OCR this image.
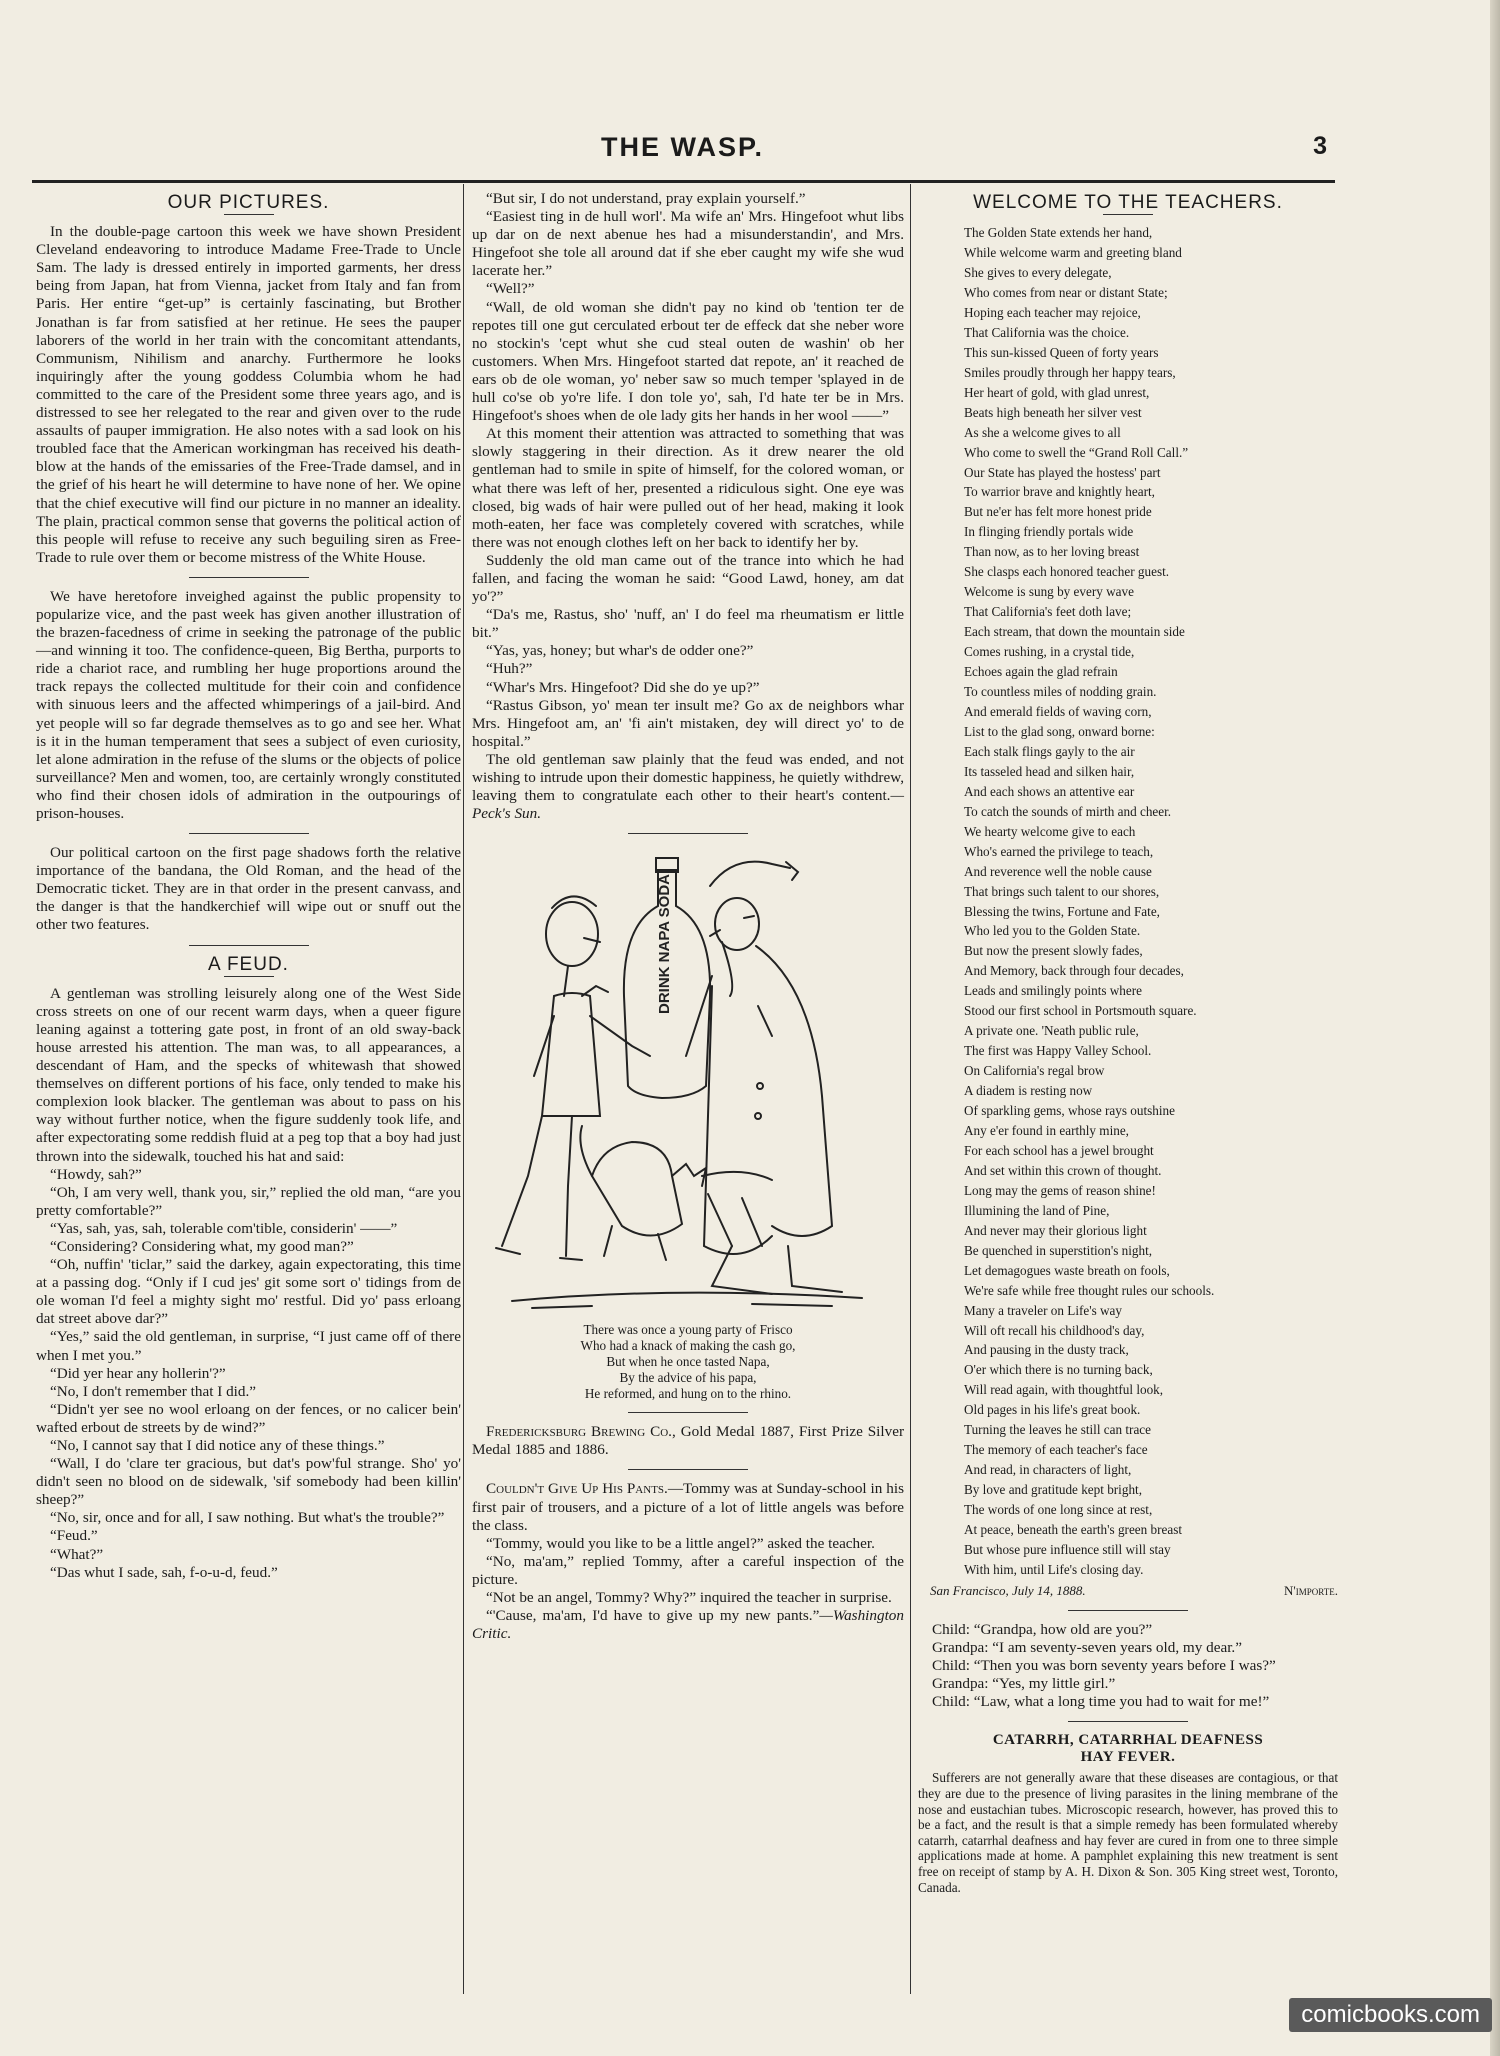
THE WASP.	3
OUR PICTURES.

In the double-page cartoon this week we have shown President Cleveland endeavoring to introduce Madame Free-Trade to Uncle Sam. The lady is dressed entirely in imported garments, her dress being from Japan, hat from Vienna, jacket from Italy and fan from Paris. Her entire “get-up” is certainly fascinating, but Brother Jonathan is far from satisfied at her retinue. He sees the pauper laborers of the world in her train with the concomitant attendants, Communism, Nihilism and anarchy. Furthermore he looks inquiringly after the young goddess Columbia whom he had committed to the care of the President some three years ago, and is distressed to see her relegated to the rear and given over to the rude assaults of pauper immigration. He also notes with a sad look on his troubled face that the American workingman has received his death-blow at the hands of the emissaries of the Free-Trade damsel, and in the grief of his heart he will determine to have none of her. We opine that the chief executive will find our picture in no manner an ideality. The plain, practical common sense that governs the political action of this people will refuse to receive any such beguiling siren as Free-Trade to rule over them or become mistress of the White House.

We have heretofore inveighed against the public propensity to popularize vice, and the past week has given another illustration of the brazen-facedness of crime in seeking the patronage of the public—and winning it too. The confidence-queen, Big Bertha, purports to ride a chariot race, and rumbling her huge proportions around the track repays the collected multitude for their coin and confidence with sinuous leers and the affected whimperings of a jail-bird. And yet people will so far degrade themselves as to go and see her. What is it in the human temperament that sees a subject of even curiosity, let alone admiration in the refuse of the slums or the objects of police surveillance? Men and women, too, are certainly wrongly constituted who find their chosen idols of admiration in the outpourings of prison-houses.

Our political cartoon on the first page shadows forth the relative importance of the bandana, the Old Roman, and the head of the Democratic ticket. They are in that order in the present canvass, and the danger is that the handkerchief will wipe out or snuff out the other two features.

A FEUD.

A gentleman was strolling leisurely along one of the West Side cross streets on one of our recent warm days, when a queer figure leaning against a tottering gate post, in front of an old sway-back house arrested his attention. The man was, to all appearances, a descendant of Ham, and the specks of whitewash that showed themselves on different portions of his face, only tended to make his complexion look blacker. The gentleman was about to pass on his way without further notice, when the figure suddenly took life, and after expectorating some reddish fluid at a peg top that a boy had just thrown into the sidewalk, touched his hat and said:

“Howdy, sah?”

“Oh, I am very well, thank you, sir,” replied the old man, “are you pretty comfortable?”

“Yas, sah, yas, sah, tolerable com'tible, considerin' ——”

“Considering? Considering what, my good man?”

“Oh, nuffin' 'ticlar,” said the darkey, again expectorating, this time at a passing dog. “Only if I cud jes' git some sort o' tidings from de ole woman I'd feel a mighty sight mo' restful. Did yo' pass erloang dat street above dar?”

“Yes,” said the old gentleman, in surprise, “I just came off of there when I met you.”

“Did yer hear any hollerin'?”

“No, I don't remember that I did.”

“Didn't yer see no wool erloang on der fences, or no calicer bein' wafted erbout de streets by de wind?”

“No, I cannot say that I did notice any of these things.”

“Wall, I do 'clare ter gracious, but dat's pow'ful strange. Sho' yo' didn't seen no blood on de sidewalk, 'sif somebody had been killin' sheep?”

“No, sir, once and for all, I saw nothing. But what's the trouble?”

“Feud.”

“What?”

“Das whut I sade, sah, f-o-u-d, feud.”

“But sir, I do not understand, pray explain yourself.”

“Easiest ting in de hull worl'. Ma wife an' Mrs. Hingefoot whut libs up dar on de next abenue hes had a misunderstandin', and Mrs. Hingefoot she tole all around dat if she eber caught my wife she wud lacerate her.”

“Well?”

“Wall, de old woman she didn't pay no kind ob 'tention ter de repotes till one gut cerculated erbout ter de effeck dat she neber wore no stockin's 'cept whut she cud steal outen de washin' ob her customers. When Mrs. Hingefoot started dat repote, an' it reached de ears ob de ole woman, yo' neber saw so much temper 'splayed in de hull co'se ob yo're life. I don tole yo', sah, I'd hate ter be in Mrs. Hingefoot's shoes when de ole lady gits her hands in her wool ——”

At this moment their attention was attracted to something that was slowly staggering in their direction. As it drew nearer the old gentleman had to smile in spite of himself, for the colored woman, or what there was left of her, presented a ridiculous sight. One eye was closed, big wads of hair were pulled out of her head, making it look moth-eaten, her face was completely covered with scratches, while there was not enough clothes left on her back to identify her by.

Suddenly the old man came out of the trance into which he had fallen, and facing the woman he said: “Good Lawd, honey, am dat yo'?”

“Da's me, Rastus, sho' 'nuff, an' I do feel ma rheumatism er little bit.”

“Yas, yas, honey; but whar's de odder one?”

“Huh?”

“Whar's Mrs. Hingefoot? Did she do ye up?”

“Rastus Gibson, yo' mean ter insult me? Go ax de neighbors whar Mrs. Hingefoot am, an' 'fi ain't mistaken, dey will direct yo' to de hospital.”

The old gentleman saw plainly that the feud was ended, and not wishing to intrude upon their domestic happiness, he quietly withdrew, leaving them to congratulate each other to their heart's content.—Peck's Sun.

DRINK NAPA SODA
There was once a young party of Frisco
Who had a knack of making the cash go,
But when he once tasted Napa,
By the advice of his papa,
He reformed, and hung on to the rhino.

Fredericksburg Brewing Co., Gold Medal 1887, First Prize Silver Medal 1885 and 1886.

Couldn't Give Up His Pants.—Tommy was at Sunday-school in his first pair of trousers, and a picture of a lot of little angels was before the class.

“Tommy, would you like to be a little angel?” asked the teacher.

“No, ma'am,” replied Tommy, after a careful inspection of the picture.

“Not be an angel, Tommy? Why?” inquired the teacher in surprise.

“'Cause, ma'am, I'd have to give up my new pants.”—Washington Critic.

WELCOME TO THE TEACHERS.
The Golden State extends her hand,
While welcome warm and greeting bland
She gives to every delegate,
Who comes from near or distant State;
Hoping each teacher may rejoice,
That California was the choice.
This sun-kissed Queen of forty years
Smiles proudly through her happy tears,
Her heart of gold, with glad unrest,
Beats high beneath her silver vest
As she a welcome gives to all
Who come to swell the “Grand Roll Call.”
Our State has played the hostess' part
To warrior brave and knightly heart,
But ne'er has felt more honest pride
In flinging friendly portals wide
Than now, as to her loving breast
She clasps each honored teacher guest.
Welcome is sung by every wave
That California's feet doth lave;
Each stream, that down the mountain side
Comes rushing, in a crystal tide,
Echoes again the glad refrain
To countless miles of nodding grain.
And emerald fields of waving corn,
List to the glad song, onward borne:
Each stalk flings gayly to the air
Its tasseled head and silken hair,
And each shows an attentive ear
To catch the sounds of mirth and cheer.
We hearty welcome give to each
Who's earned the privilege to teach,
And reverence well the noble cause
That brings such talent to our shores,
Blessing the twins, Fortune and Fate,
Who led you to the Golden State.
But now the present slowly fades,
And Memory, back through four decades,
Leads and smilingly points where
Stood our first school in Portsmouth square.
A private one. 'Neath public rule,
The first was Happy Valley School.
On California's regal brow
A diadem is resting now
Of sparkling gems, whose rays outshine
Any e'er found in earthly mine,
For each school has a jewel brought
And set within this crown of thought.
Long may the gems of reason shine!
Illumining the land of Pine,
And never may their glorious light
Be quenched in superstition's night,
Let demagogues waste breath on fools,
We're safe while free thought rules our schools.
Many a traveler on Life's way
Will oft recall his childhood's day,
And pausing in the dusty track,
O'er which there is no turning back,
Will read again, with thoughtful look,
Old pages in his life's great book.
Turning the leaves he still can trace
The memory of each teacher's face
And read, in characters of light,
By love and gratitude kept bright,
The words of one long since at rest,
At peace, beneath the earth's green breast
But whose pure influence still will stay
With him, until Life's closing day.
San Francisco, July 14, 1888.	N'importe.

Child: “Grandpa, how old are you?”

Grandpa: “I am seventy-seven years old, my dear.”

Child: “Then you was born seventy years before I was?”

Grandpa: “Yes, my little girl.”

Child: “Law, what a long time you had to wait for me!”

CATARRH, CATARRHAL DEAFNESS
HAY FEVER.

Sufferers are not generally aware that these diseases are contagious, or that they are due to the presence of living parasites in the lining membrane of the nose and eustachian tubes. Microscopic research, however, has proved this to be a fact, and the result is that a simple remedy has been formulated whereby catarrh, catarrhal deafness and hay fever are cured in from one to three simple applications made at home. A pamphlet explaining this new treatment is sent free on receipt of stamp by A. H. Dixon & Son. 305 King street west, Toronto, Canada.

comicbooks.com
